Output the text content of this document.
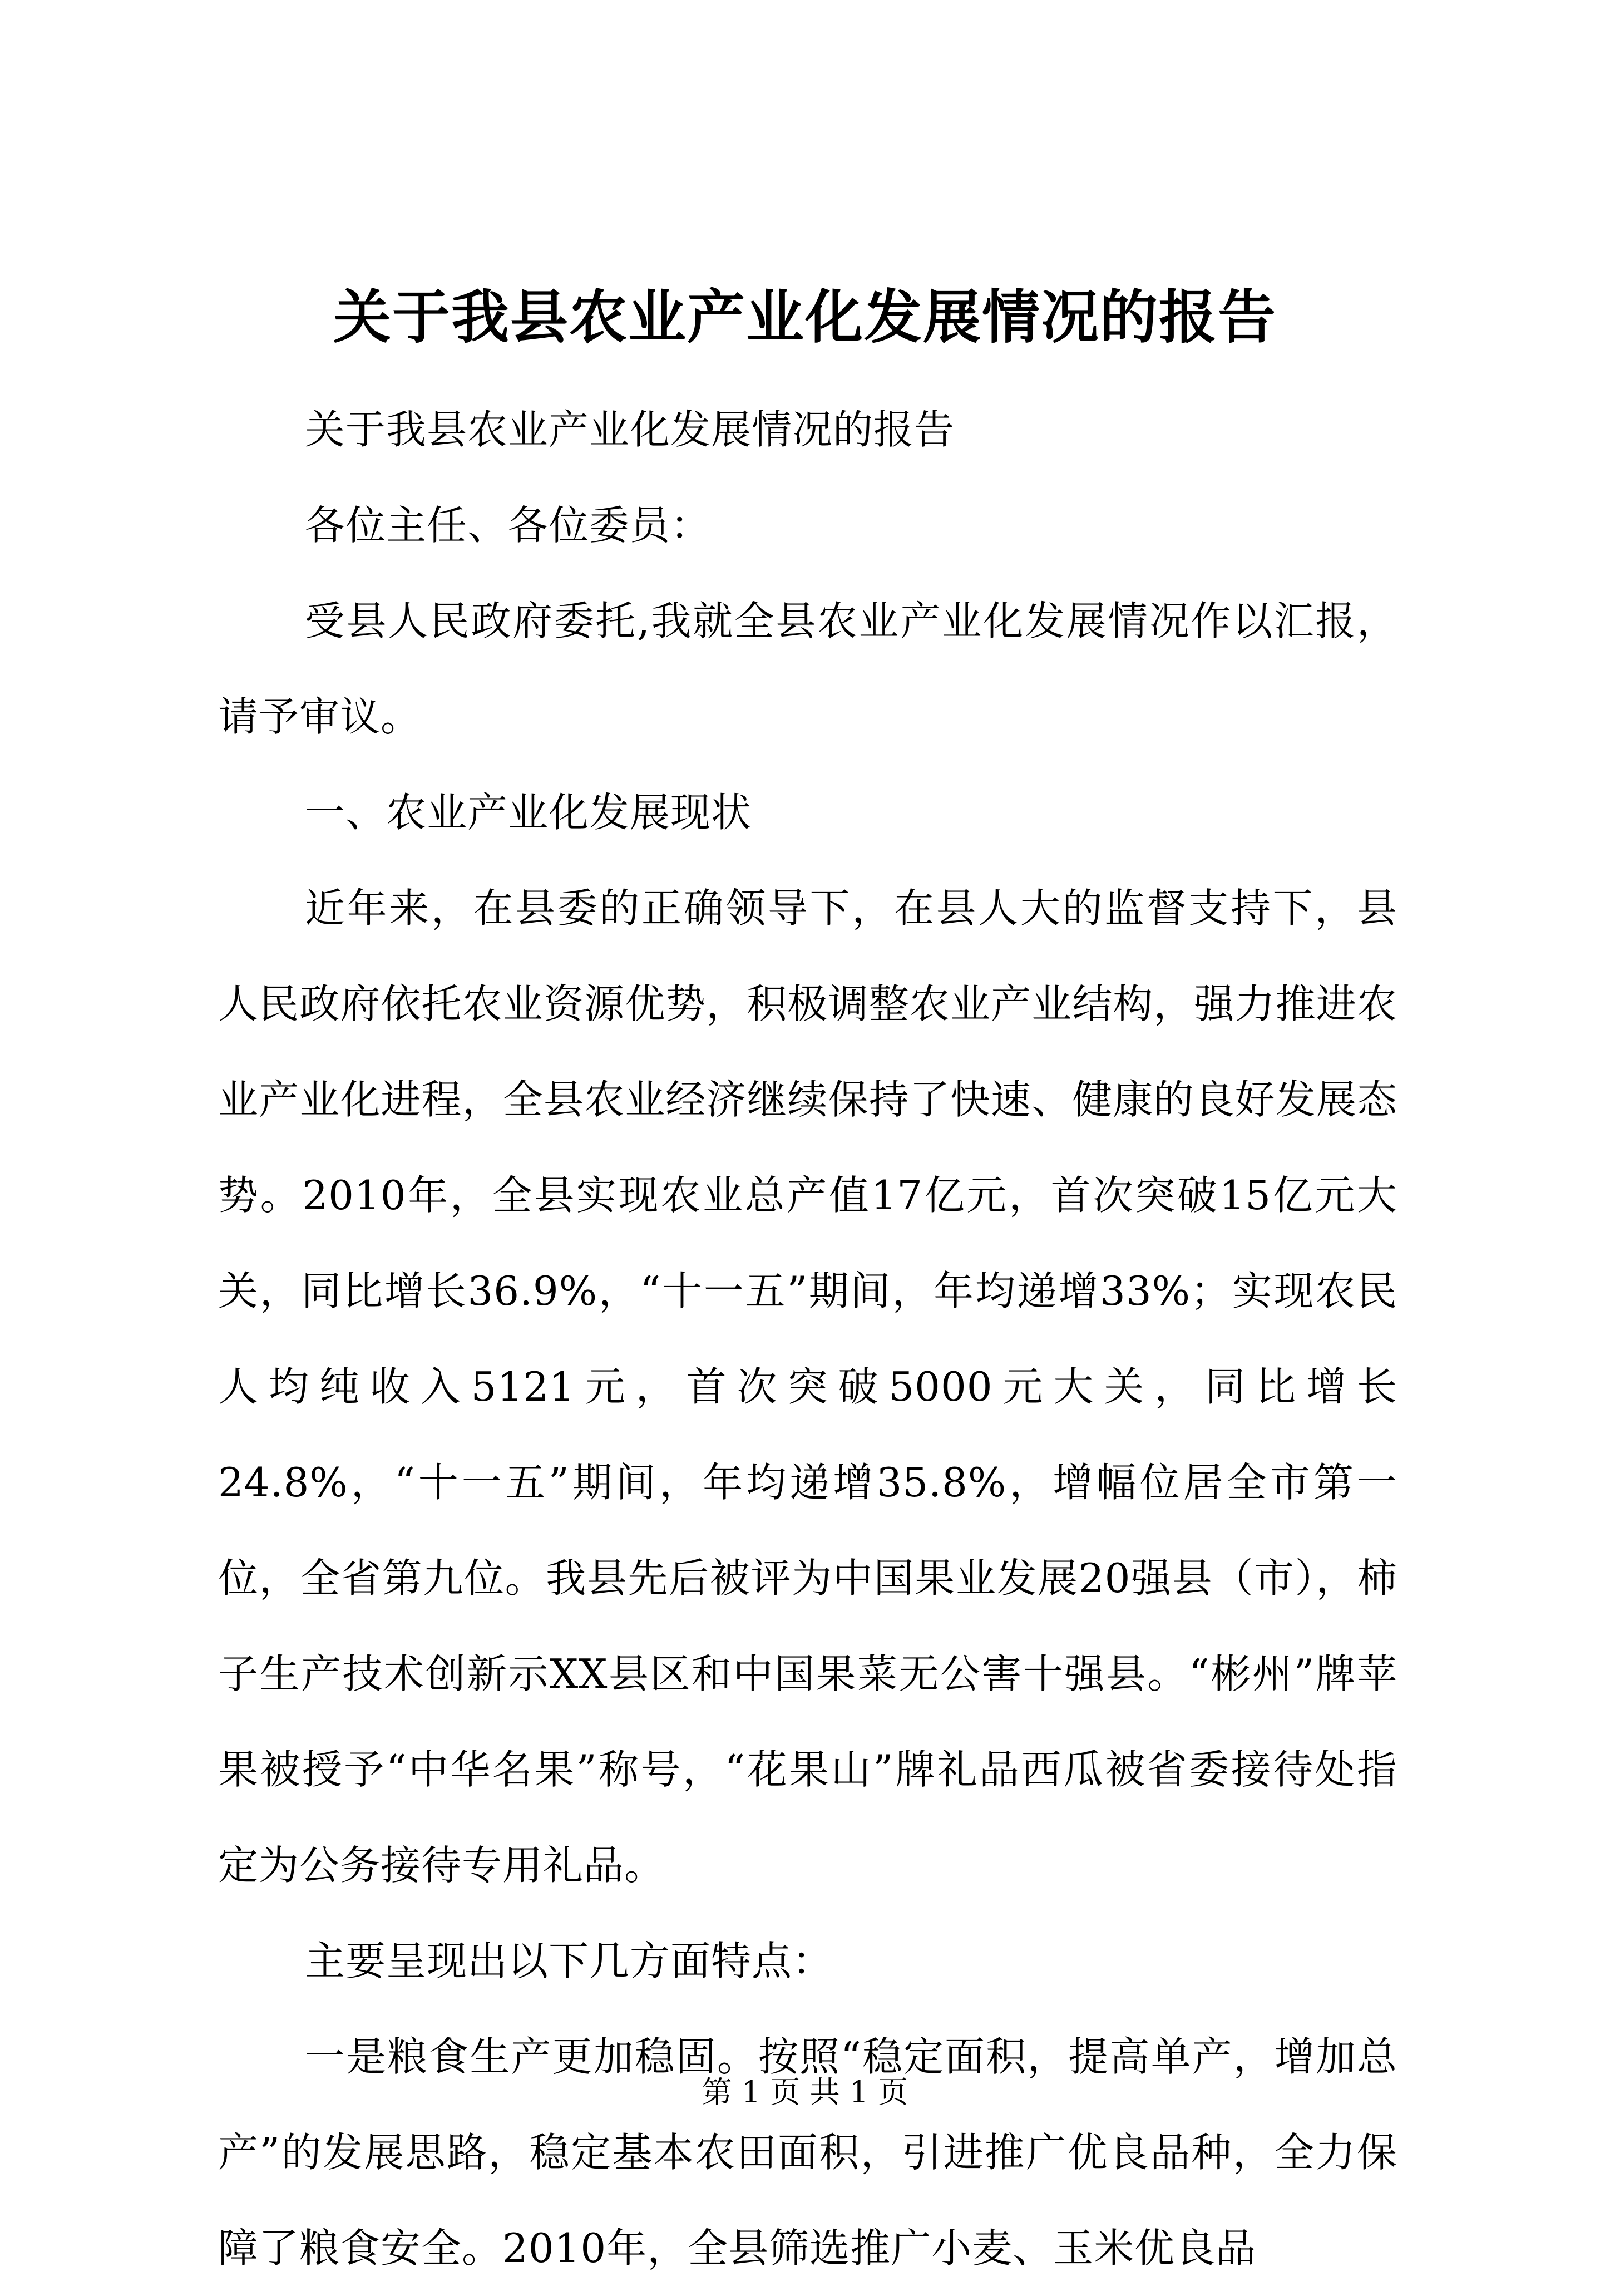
关于我县农业产业化发展情况的报告

关于我县农业产业化发展情况的报告

各位主任、各位委员：

受县人民政府委托,我就全县农业产业化发展情况作以汇报，请予审议。

一、农业产业化发展现状

近年来，在县委的正确领导下，在县人大的监督支持下，县人民政府依托农业资源优势，积极调整农业产业结构，强力推进农业产业化进程，全县农业经济继续保持了快速、健康的良好发展态势。2010年，全县实现农业总产值17亿元，首次突破15亿元大关，同比增长36.9%，“十一五”期间，年均递增33%；实现农民人均纯收入5121元，首次突破5000元大关，同比增长24.8%，“十一五”期间，年均递增35.8%，增幅位居全市第一位，全省第九位。我县先后被评为中国果业发展20强县（市），柿子生产技术创新示XX县区和中国果菜无公害十强县。“彬州”牌苹果被授予“中华名果”称号，“花果山”牌礼品西瓜被省委接待处指定为公务接待专用礼品。

主要呈现出以下几方面特点：

一是粮食生产更加稳固。按照“稳定面积，提高单产，增加总产”的发展思路，稳定基本农田面积，引进推广优良品种，全力保障了粮食安全。2010年，全县筛选推广小麦、玉米优良品

第 1 页 共 1 页
